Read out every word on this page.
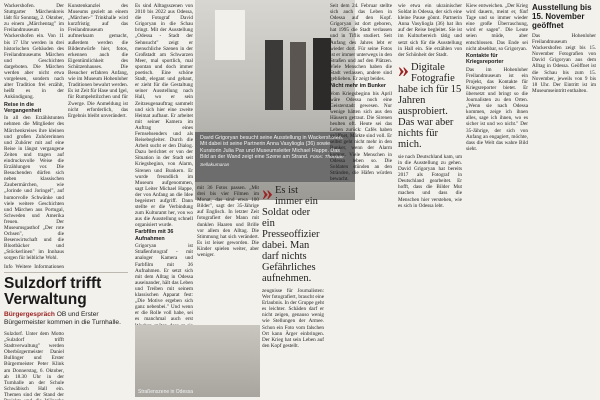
Wackershofen. Der Stuttgarter Märchenkreis lädt für Sonntag, 2. Oktober, zu einem „Märchentag" im Freilandmuseum in Wackershofen ein. Von 11 bis 17 Uhr werden in drei historischen Gebäuden des Freilandmuseums Märchen und Geschichten dargeboten. Die Märchen werden aber nicht etwa vorgelesen, sondern nach alter Tradition frei erzählt, heißt es in der Ankündigung.
Reise in die Vergangenheit
In all den Erzählstunten nehmen die Mitglieder des Märchenkreises ihre kleinen und großen Zuhörerinnen und Zuhörer mit auf eine Reise in längst vergangene Zeiten und tragen auf eindrucksvolle Weise die Erzählungen vor. Die Besuchenden dürfen sich neben klassischen Zaubermärchen, wie „Jorinde und Joringel", auf humorvolle Schwänke und viele weitere Geschichten und Märchen aus Portugal, Schweden und Amerika freuen. Der Museumsgasthof „Der rote Ochsen", die Besenwirtschaft und die Blootbäcker und „Stöckerlinen" im Innhaus sorgen für leibliche Wohl.
Info Weitere Informationen
Kunstenkanzlei des Museums gezielt an einem „Märchen-" Trinkhalle wird kurzfristig auf das Freilandmuseum aufmerksam gemacht, außerdem werden die Bildentwürfe hier, fotos, erkennen auch die Eigentümlichkeit des Schützenhauses. Die Besucher erfahren Anfang, wie im Museum Hohenloher Traditionen bewahrt werden. Es ist Zeit für Hase und Igel, für Rumpelstilzchen und für Zwerge. Die Anmeldung ist nicht erforderlich, das Ergebnis bleibt unverändert.
Sulzdorf trifft Verwaltung
Bürgergespräch OB und Erster Bürgermeister kommen in die Turnhalle.
Sulzdorf. Unter dem Motto „Sulzdorf trifft Stadtverwaltung" werden Oberbürgermeister Daniel Bullinger und Erster Bürgermeister Peter Klink am Donnerstag, 6. Oktober, ab 18.30 Uhr in der Turnhalle an der Schule Schwäbisch Hall ein. Themen sind der Stand der
David Grigoryan besucht seine Ausstellung in Wackershofen. Mit dabei ist seine Partnerin Anna Vasyliogla (36) sowie Kuratorin Julia Pax und Museumsleiter Michael Happe. Das Bild an der Wand zeigt eine Szene am Strand. Fotos: Thorstan Sellakumaran
Es sind Alltagsszenen von 2010 bis 2022 aus Odessa, die Fotograf David Grigoryan in die Schau bringt. Mit der Ausstellung „Odessa - Stadt der Sehnsucht" zeigt er menschliche Szenen in der Großstadt am Schwarzen Meer, mal sportlich, mal spontan und doch immer poetisch. Eine schöne Stadt, elegant und gebaut, er zieht für die Gestaltung seiner Ausstellung nach Hall, wo er sein Zeitzeugenauftrag sammelt und sich hier eine zweite Heimat aufbaut. Er arbeitet mit seiner Kamera im Auftrag eines Fernsehsenders und als Reisebegleiter. Durch die Arbeit sucht er den Dialog. Dazu berichtet er von der Situation in der Stadt seit Kriegsbeginn, von Alarm, Sirenen und Bunkern. Er wurde freundlich im Museum aufgenommen, sagt Leiter Michael Happe, der von Anfang an die Idee begeistert aufgriff. Dann stellte er die Verbindung zum Kulturamt her, von wo aus die Ausstellung schnell organisiert wurde.
Farbfilm mit 36 Aufnahmen
Grigoryan ist Straßenfotograf - mit analoger Kamera und Farbfilm mit 36 Aufnahmen. Er setzt sich mit dem Alltag in Odessa auseinander, hält das Leben und Treiben mit seinem klassischen Apparat fest: „Die Motive ergeben sich ganz nebenbei." Und wenn er die Rolle voll habe, sei es manchmal auch erst
mit 36 Fotos passen. „Mit drei bis vier Filmen im Monat, das sind etwa 100 Bilder", sagt der 35-Jährige auf Englisch. In letzter Zeit fotografiert der Mann mit dunklen Haaren und Brille vor allem den Alltag. Die Stimmung hat sich verändert. Es ist leiser geworden. Die Kinder spielen weiter, aber weniger.
» Es ist immer ein Soldat oder ein Presseoffizier dabei. Man darf nichts Gefährliches aufnehmen.
zeugnisse für Journalisten: Wer fotografiert, braucht eine Erlaubnis. In der Gruppe geht es leichter. Schäden darf er nicht zeigen, genauso wenig wie Stellungen der Armee. Schon ein Foto vom falschen Ort kann Ärger einbringen. Der Krieg hat sein Leben auf den Kopf gestellt.
Seit dem 24. Februar stellte sich auch das Leben in Odessa auf den Kopf. Grigoryan ist dort geboren, hat 1995 die Stadt verlassen und in Tiflis studiert. Seit Anfang des Jahres lebt er wieder dort. Für seine Fotos ist er immer unterwegs in den Straßen und auf den Plätzen. Viele Menschen haben die Stadt verlassen, andere sind geblieben. Er zeigt beides.
Nicht mehr im Bunker
Vom Kriegsbeginn bis April wäre Odessa noch eine Geisterstadt gewesen. Nur wenige hätten sich aus den Häusern getraut. Die Sirenen heulten oft. Heute sei das Leben zurück: Cafés haben geöffnet, Märkte sind voll. Er selbst geht nicht mehr in den Bunker, wenn der Alarm kommt. Viele Menschen in Odessa leben so. Die Soldaten stünden an den Stränden, die Häfen würden bewacht.
wie etwa ein ukrainischer Soldat in Odessa, der sich eine kleine Pause gönnt. Partnerin Anna Vasyliogla (36) hat ihn auf der Reise begleitet. Sie ist im Kulturbereich tätig und setzt sich für die Ausstellung in Hall ein. Sie erzählen von der Schönheit der Stadt.
» Digitale Fotografie habe ich für 15 Jahren ausprobiert. Das war aber nichts für mich.
sie nach Deutschland kam, um in die Ausstellung zu gehen. David Grigoryan hat bereits 2017 als Fotograf in Deutschland gearbeitet. Er hofft, dass die Bilder Mut machen und dass die Menschen hier verstehen, wie es sich in Odessa lebt.
Kiew entweichen. „Der Krieg wird dauern, meint er, fünf Tage und so immer wieder eine große Überraschung, wird er sagen". Die Leute seien müde, aber entschlossen. Das Ende sei nicht absehbar, so Grigoryan.
Kontakte für Kriegsreporter
Das im Hohenloher Freilandmuseum ist ein Projekt, das Kontakte für Kriegsreporter bietet. Er übersetzt und bringt so die Journalisten zu den Orten. „Wenn sie nach Odessa kommen, zeige ich ihnen alles, sage ich ihnen, wo es sicher ist und wo nicht." Der 35-Jährige, der sich von Anfang an engagiert, möchte, dass die Welt das wahre Bild sieht.
Ausstellung bis 15. November geöffnet
Das Hohenloher Freilandmuseum Wackershofen zeigt bis 15. November Fotografien von David Grigoryan aus dem Alltag in Odessa. Geöffnet ist die Schau bis zum 15. November, jeweils von 9 bis 18 Uhr. Der Eintritt ist im Museumseintritt enthalten.
Straßenszene in Odessa
